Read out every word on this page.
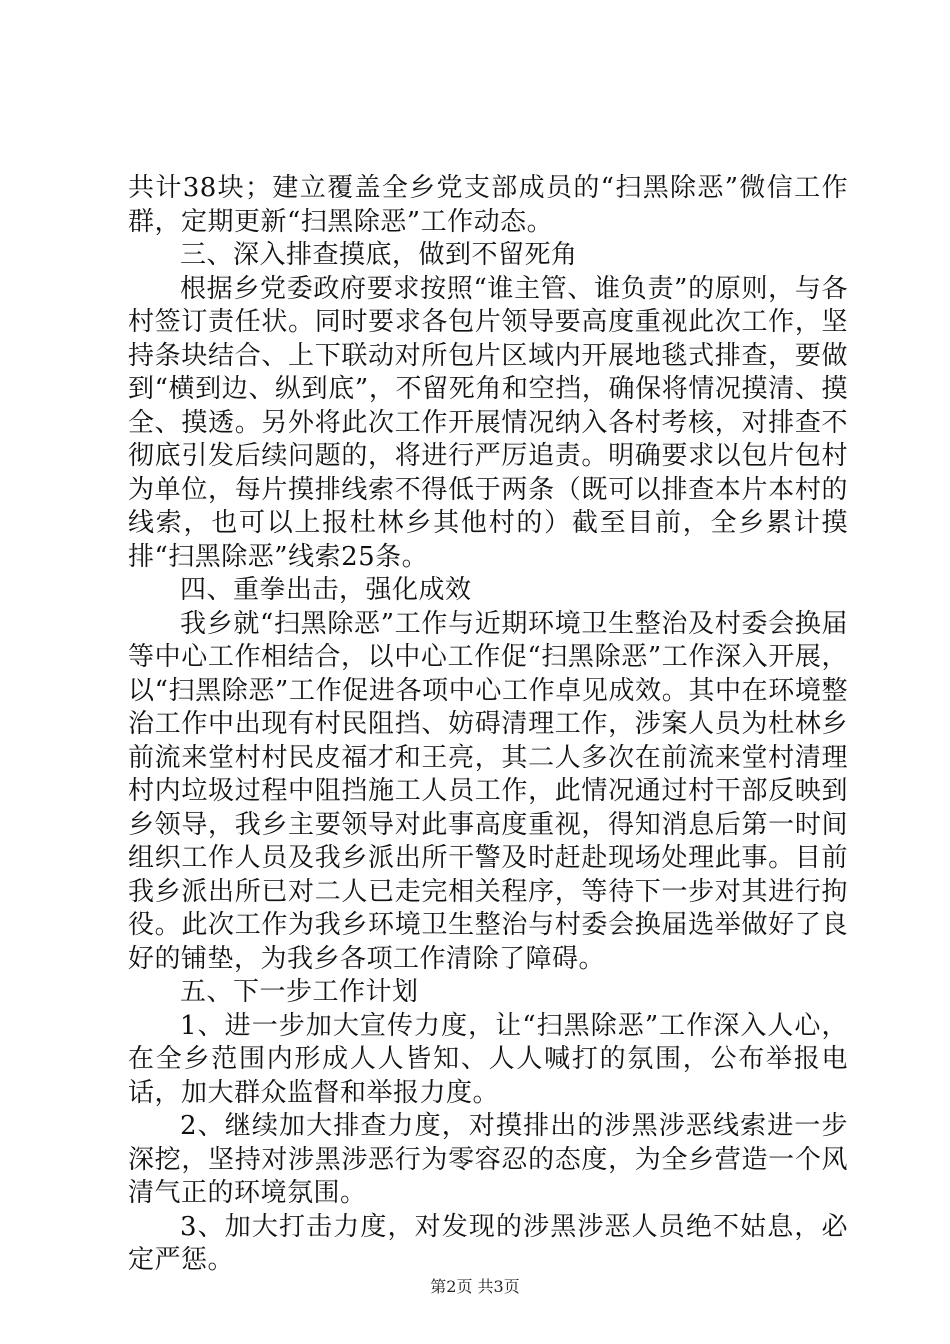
共计38块；建立覆盖全乡党支部成员的“扫黑除恶”微信工作群，定期更新“扫黑除恶”工作动态。

三、深入排查摸底，做到不留死角

根据乡党委政府要求按照“谁主管、谁负责”的原则，与各村签订责任状。同时要求各包片领导要高度重视此次工作，坚持条块结合、上下联动对所包片区域内开展地毯式排查，要做到“横到边、纵到底”，不留死角和空挡，确保将情况摸清、摸全、摸透。另外将此次工作开展情况纳入各村考核，对排查不彻底引发后续问题的，将进行严厉追责。明确要求以包片包村为单位，每片摸排线索不得低于两条（既可以排查本片本村的线索，也可以上报杜林乡其他村的）截至目前，全乡累计摸排“扫黑除恶”线索25条。

四、重拳出击，强化成效

我乡就“扫黑除恶”工作与近期环境卫生整治及村委会换届等中心工作相结合，以中心工作促“扫黑除恶”工作深入开展，以“扫黑除恶”工作促进各项中心工作卓见成效。其中在环境整治工作中出现有村民阻挡、妨碍清理工作，涉案人员为杜林乡前流来堂村村民皮福才和王亮，其二人多次在前流来堂村清理村内垃圾过程中阻挡施工人员工作，此情况通过村干部反映到乡领导，我乡主要领导对此事高度重视，得知消息后第一时间组织工作人员及我乡派出所干警及时赶赴现场处理此事。目前我乡派出所已对二人已走完相关程序，等待下一步对其进行拘役。此次工作为我乡环境卫生整治与村委会换届选举做好了良好的铺垫，为我乡各项工作清除了障碍。

五、下一步工作计划

1、进一步加大宣传力度，让“扫黑除恶”工作深入人心，在全乡范围内形成人人皆知、人人喊打的氛围，公布举报电话，加大群众监督和举报力度。

2、继续加大排查力度，对摸排出的涉黑涉恶线索进一步深挖，坚持对涉黑涉恶行为零容忍的态度，为全乡营造一个风清气正的环境氛围。

3、加大打击力度，对发现的涉黑涉恶人员绝不姑息，必定严惩。

第2页 共3页
